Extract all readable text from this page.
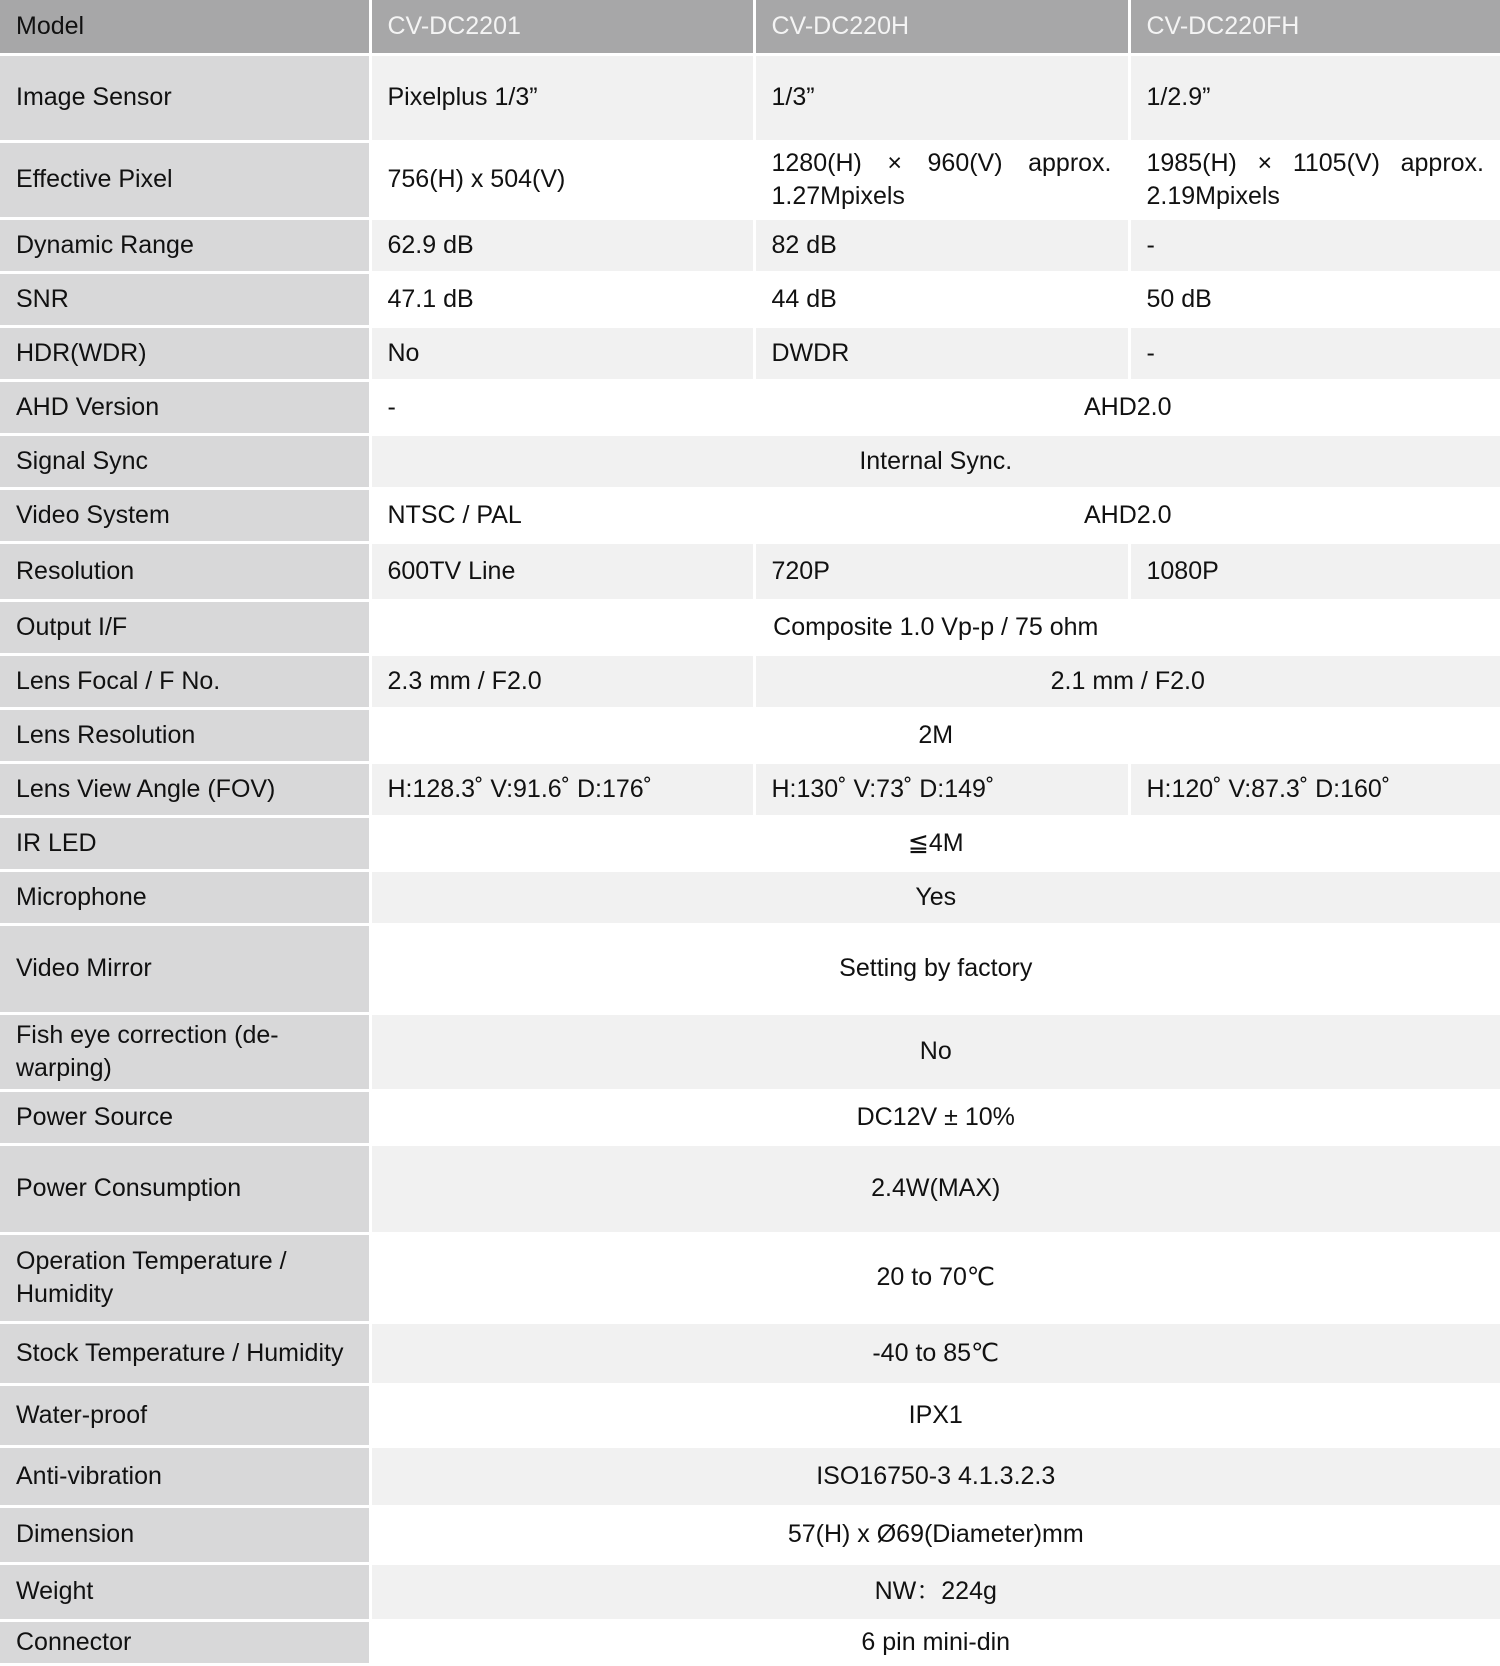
Model	CV-DC2201	CV-DC220H	CV-DC220FH
Image Sensor	Pixelplus 1/3”	1/3”	1/2.9”
Effective Pixel	756(H) x 504(V)	1280(H) × 960(V) approx. 1.27Mpixels	1985(H) × 1105(V) approx. 2.19Mpixels
Dynamic Range	62.9 dB	82 dB	-
SNR	47.1 dB	44 dB	50 dB
HDR(WDR)	No	DWDR	-
AHD Version	-	AHD2.0	
Signal Sync	Internal Sync.		
Video System	NTSC / PAL	AHD2.0	
Resolution	600TV Line	720P	1080P
Output I/F	Composite 1.0 Vp-p / 75 ohm		
Lens Focal / F No.	2.3 mm / F2.0	2.1 mm / F2.0	
Lens Resolution	2M		
Lens View Angle (FOV)	H:128.3˚ V:91.6˚ D:176˚	H:130˚ V:73˚ D:149˚	H:120˚ V:87.3˚ D:160˚
IR LED	≦4M		
Microphone	Yes		
Video Mirror	Setting by factory		
Fish eye correction (de-warping)	No		
Power Source	DC12V ± 10%		
Power Consumption	2.4W(MAX)		
Operation Temperature / Humidity	20 to 70℃		
Stock Temperature / Humidity	-40 to 85℃		
Water-proof	IPX1		
Anti-vibration	ISO16750-3 4.1.3.2.3		
Dimension	57(H) x Ø69(Diameter)mm		
Weight	NW：224g		
Connector	6 pin mini-din		
